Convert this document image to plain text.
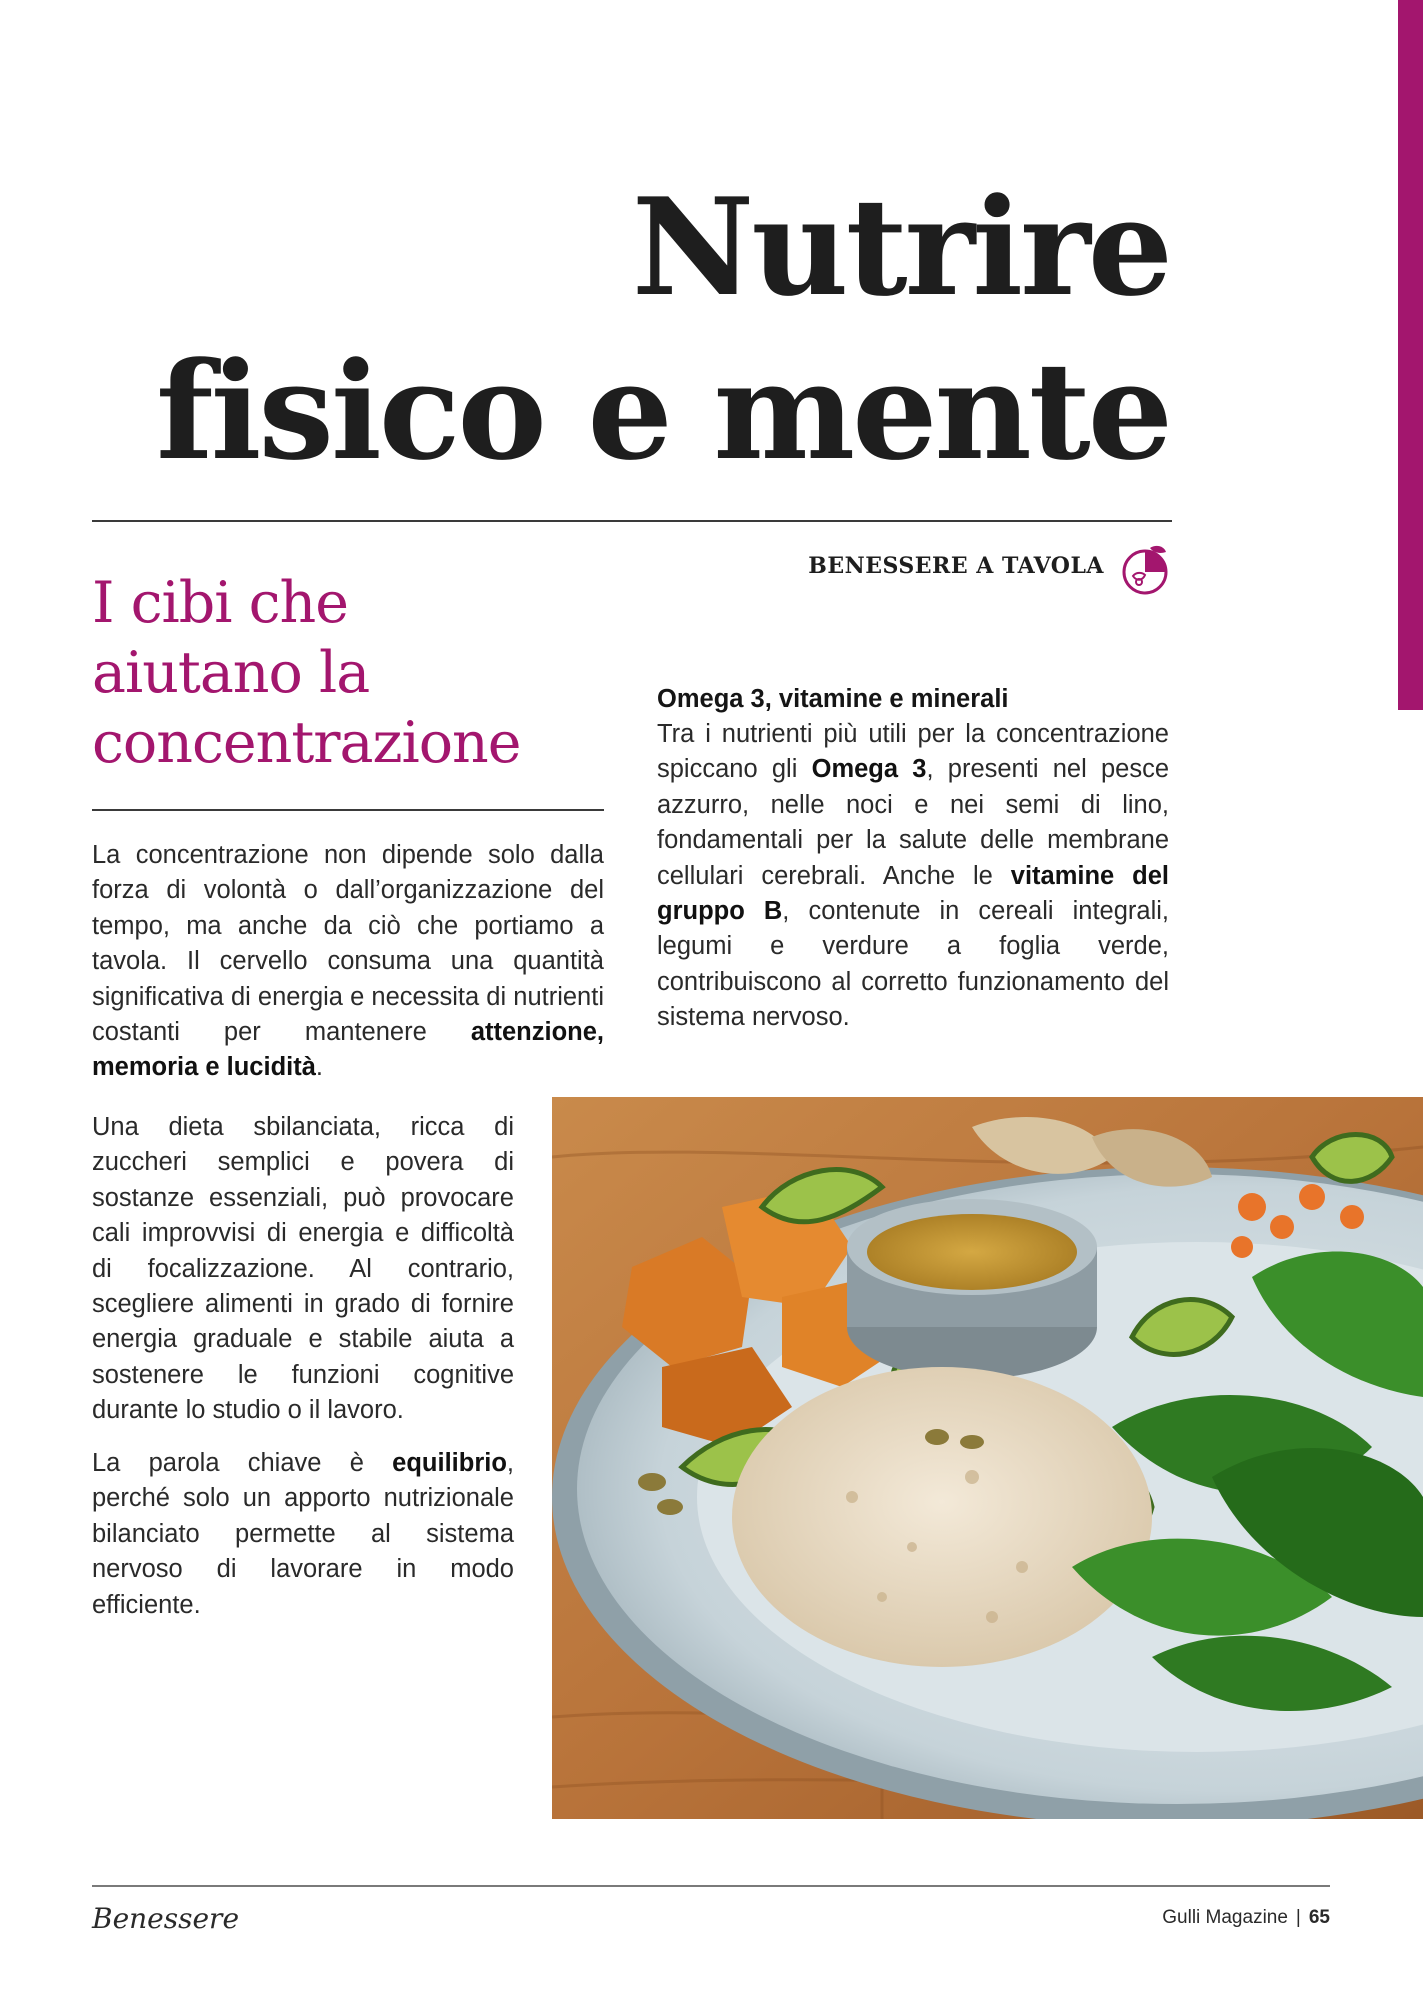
Nutrire
fisico e mente
BENESSERE A TAVOLA
I cibi che
aiutano la
concentrazione

La concentrazione non dipende solo dalla forza di volontà o dall’organizzazione del tempo, ma anche da ciò che portiamo a tavola. Il cervello consuma una quantità significativa di energia e necessita di nutrienti costanti per mantenere attenzione, memoria e lucidità.

Una dieta sbilanciata, ricca di zuccheri semplici e povera di sostanze essenziali, può provocare cali improvvisi di energia e difficoltà di focalizzazione. Al contrario, scegliere alimenti in grado di fornire energia graduale e stabile aiuta a sostenere le funzioni cognitive durante lo studio o il lavoro.

La parola chiave è equilibrio, perché solo un apporto nutrizionale bilanciato permette al sistema nervoso di lavorare in modo efficiente.

Omega 3, vitamine e minerali

Tra i nutrienti più utili per la concentrazione spiccano gli Omega 3, presenti nel pesce azzurro, nelle noci e nei semi di lino, fondamentali per la salute delle membrane cellulari cerebrali. Anche le vitamine del gruppo B, contenute in cereali integrali, legumi e verdure a foglia verde, contribuiscono al corretto funzionamento del sistema nervoso.

Benessere	Gulli Magazine | 65
